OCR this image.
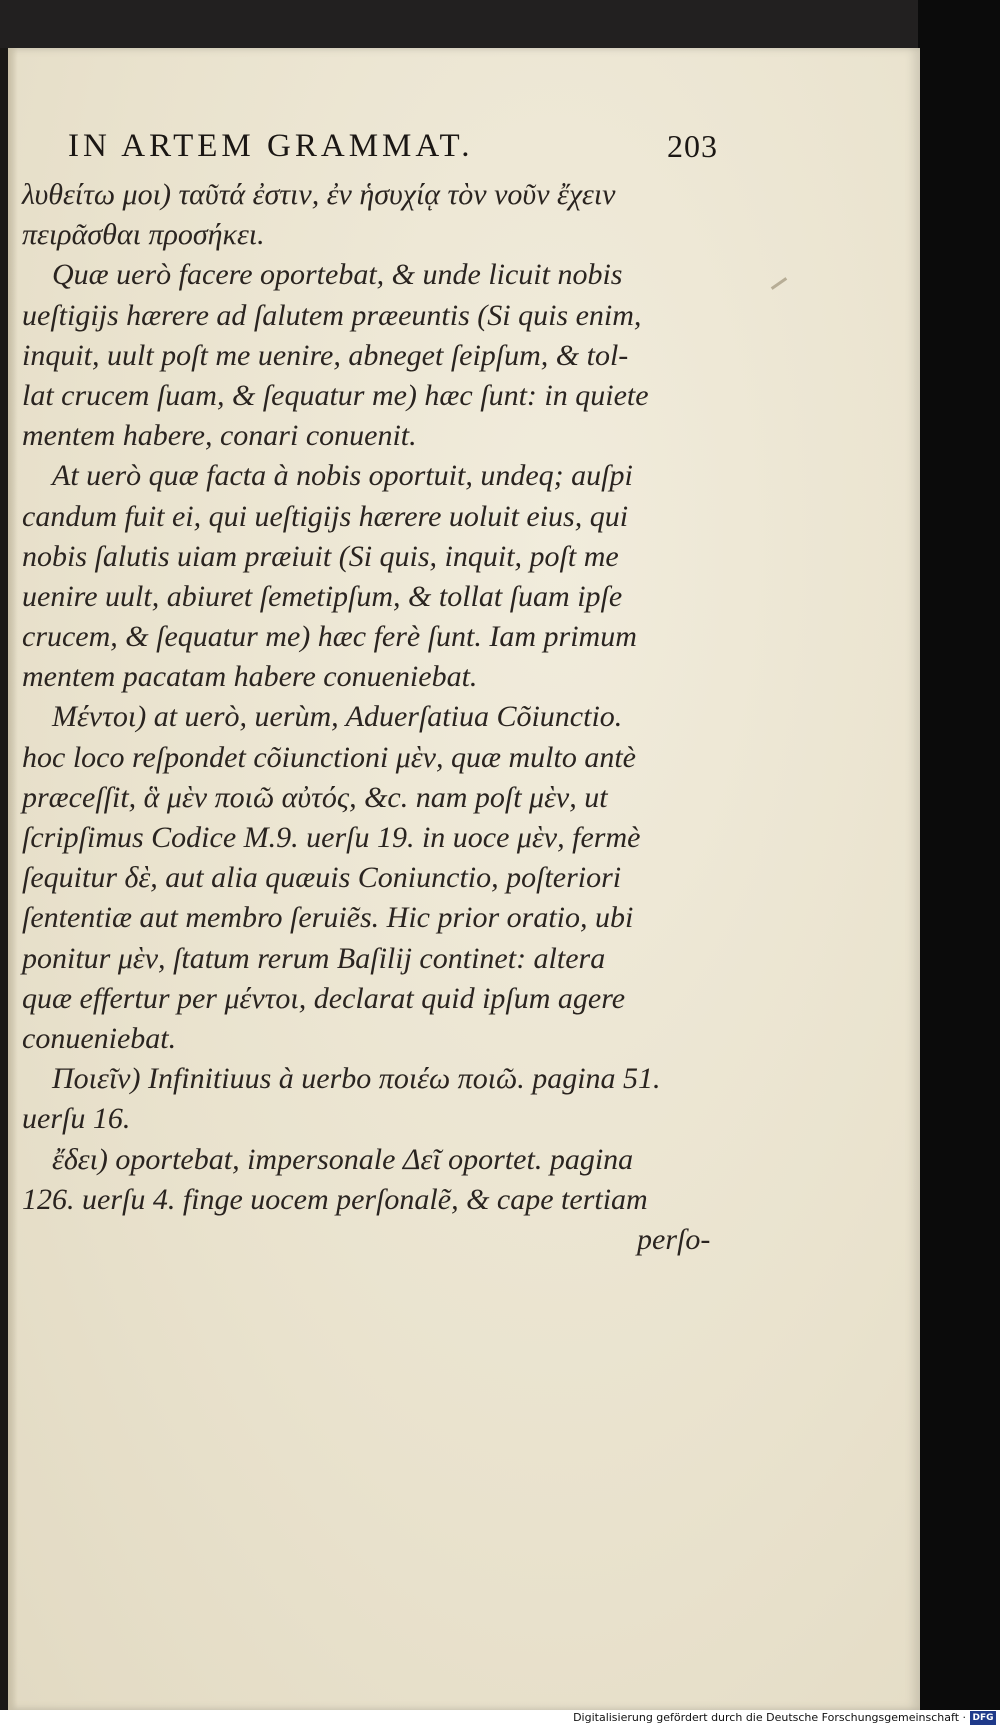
IN ARTEM GRAMMAT.	203
λυθείτω μοι) ταῦτά ἐστιν, ἐν ἡσυχίᾳ τὸν νοῦν ἔχειν
πειρᾶσθαι προσήκει.
Quæ uerò facere oportebat, & unde licuit nobis
ueſtigijs hærere ad ſalutem præeuntis (Si quis enim,
inquit, uult poſt me uenire, abneget ſeipſum, & tol-
lat crucem ſuam, & ſequatur me) hæc ſunt: in quiete
mentem habere, conari conuenit.
At uerò quæ facta à nobis oportuit, undeq; auſpi
candum fuit ei, qui ueſtigijs hærere uoluit eius, qui
nobis ſalutis uiam præiuit (Si quis, inquit, poſt me
uenire uult, abiuret ſemetipſum, & tollat ſuam ipſe
crucem, & ſequatur me) hæc ferè ſunt. Iam primum
mentem pacatam habere conueniebat.
Μέντοι) at uerò, uerùm, Aduerſatiua Cõiunctio.
hoc loco reſpondet cõiunctioni μὲν, quæ multo antè
præceſſit, ἃ μὲν ποιῶ αὐτός, &c. nam poſt μὲν, ut
ſcripſimus Codice M.9. uerſu 19. in uoce μὲν, fermè
ſequitur δὲ, aut alia quæuis Coniunctio, poſteriori
ſententiæ aut membro ſeruiẽs. Hic prior oratio, ubi
ponitur μὲν, ſtatum rerum Baſilij continet: altera
quæ effertur per μέντοι, declarat quid ipſum agere
conueniebat.
Ποιεῖν) Infinitiuus à uerbo ποιέω ποιῶ. pagina 51.
uerſu 16.
ἔδει) oportebat, impersonale Δεῖ oportet. pagina
126. uerſu 4. finge uocem perſonalẽ, & cape tertiam
perſo-
Digitalisierung gefördert durch die Deutsche Forschungsgemeinschaft · DFG
